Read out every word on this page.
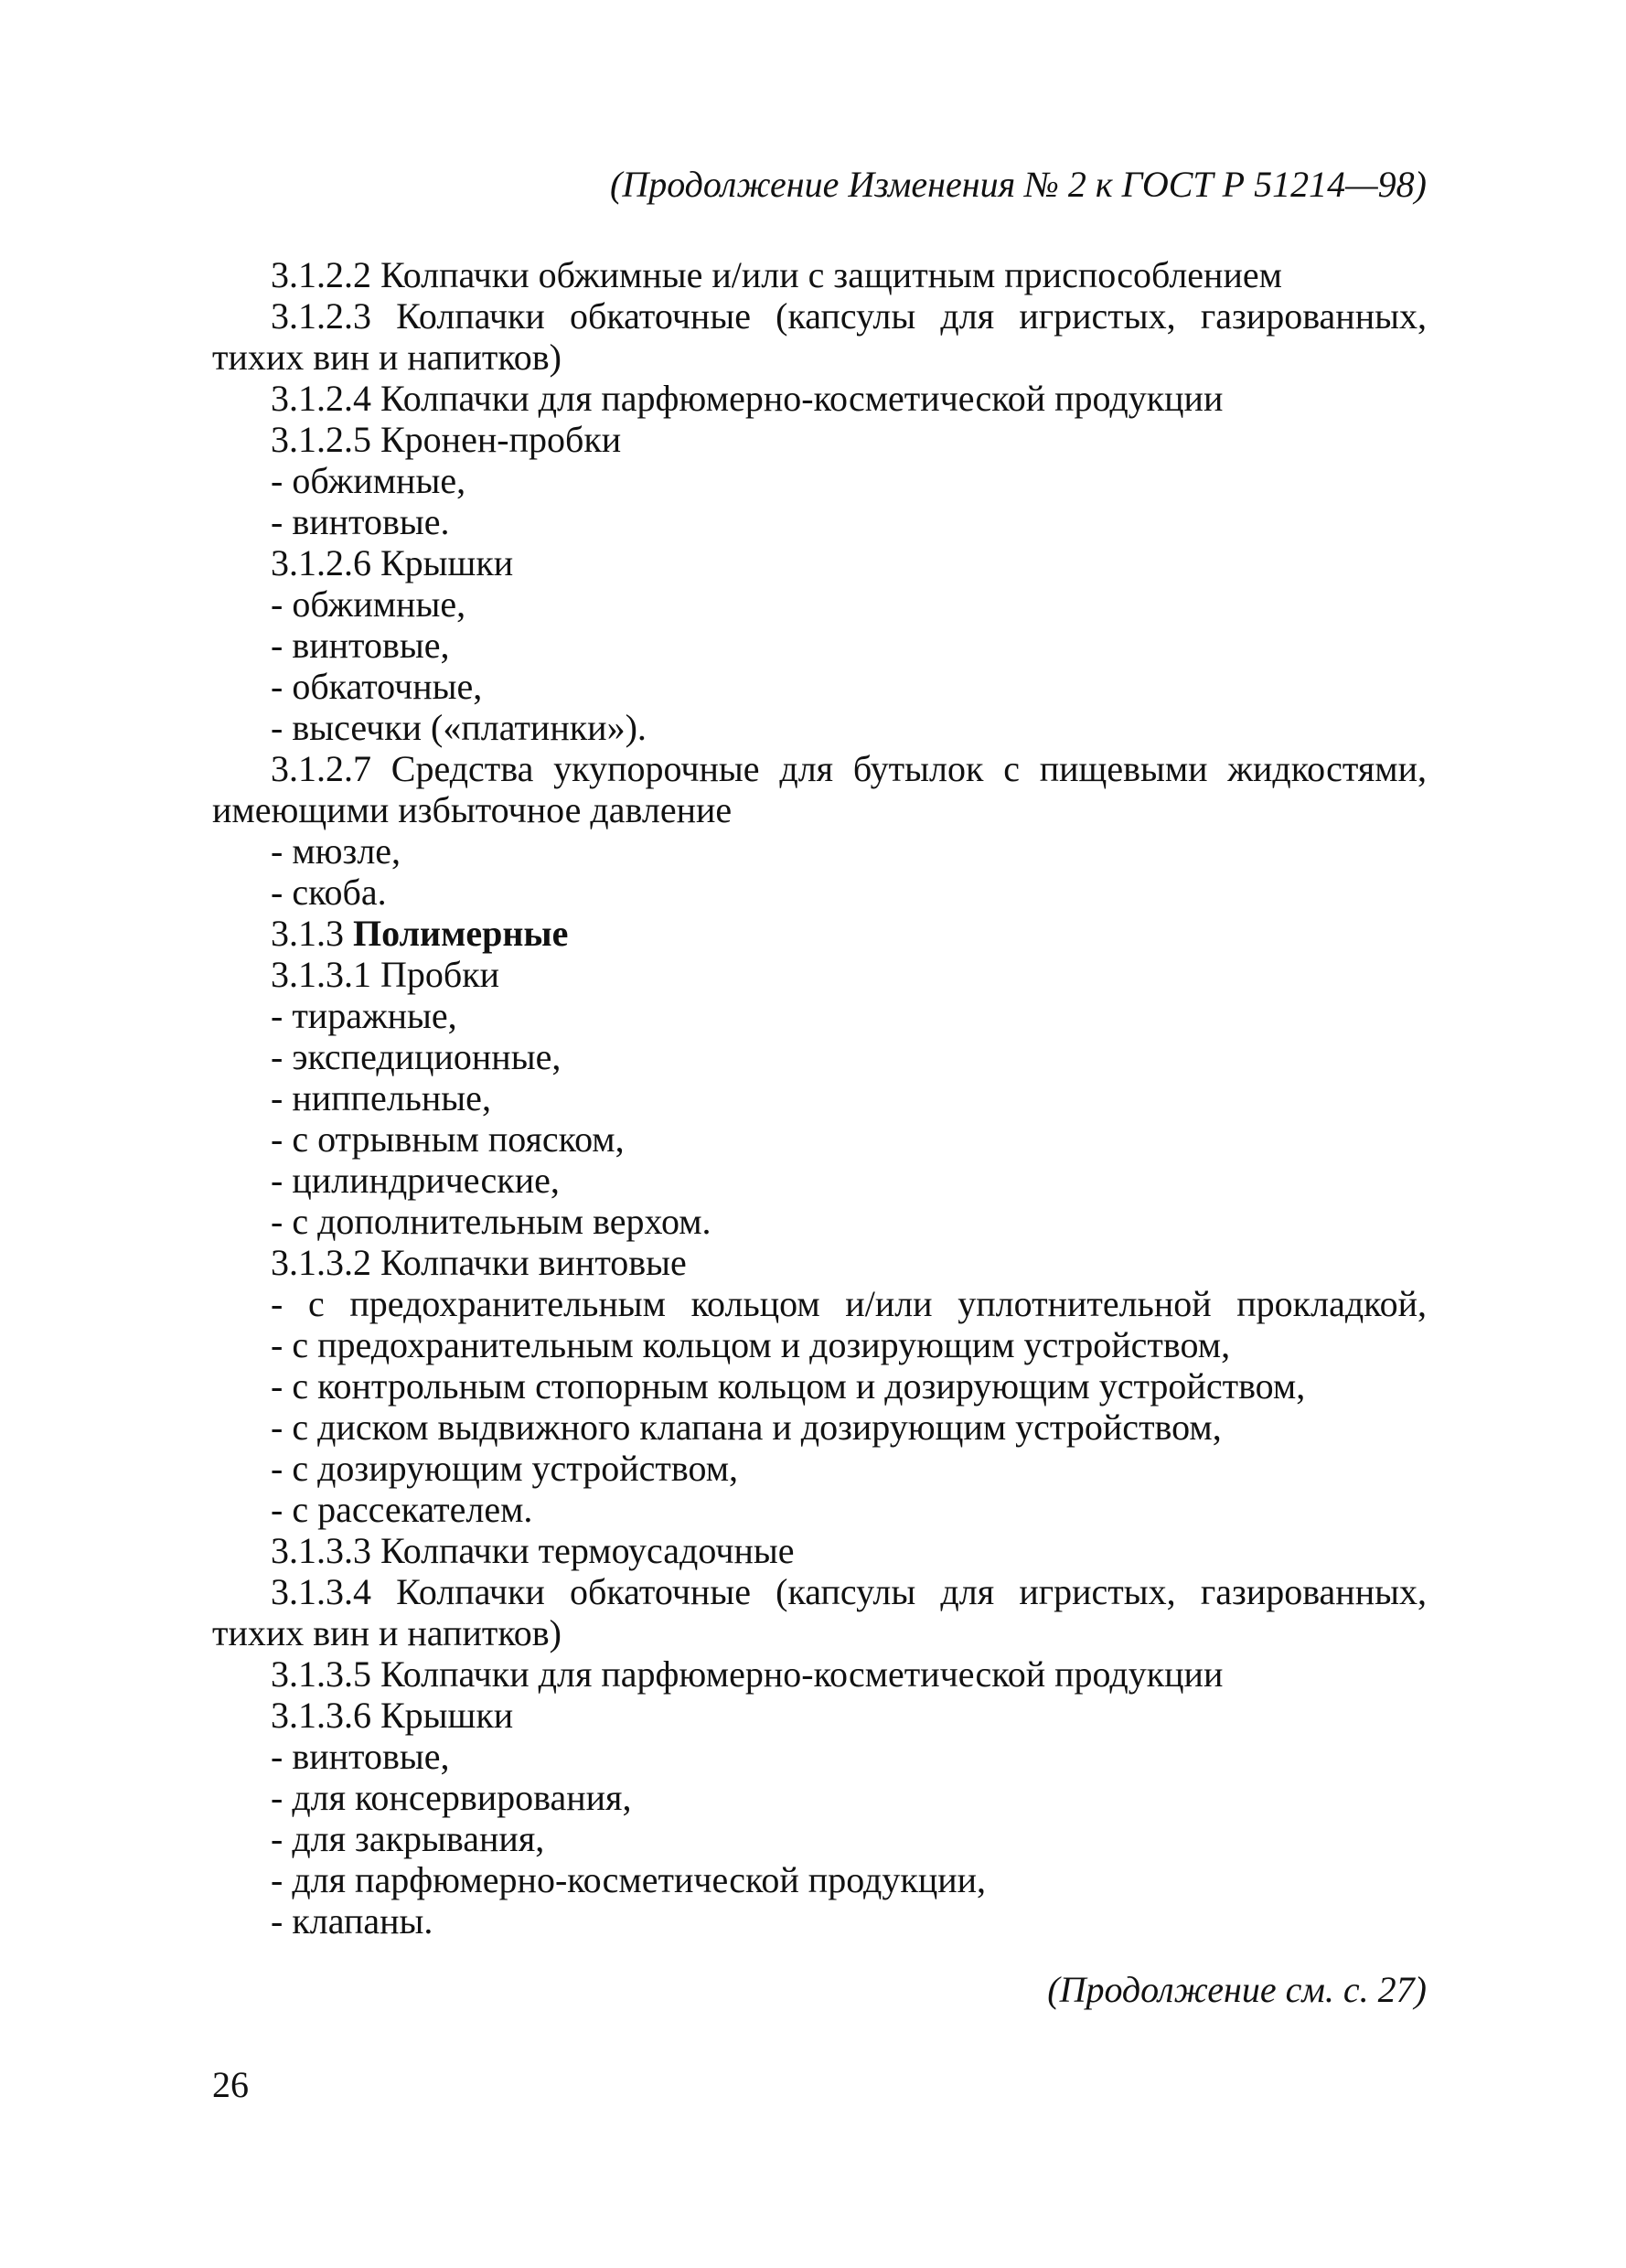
(Продолжение Изменения № 2 к ГОСТ Р 51214—98)
3.1.2.2 Колпачки обжимные и/или с защитным приспособлением
3.1.2.3 Колпачки обкаточные (капсулы для игристых, газированных,
тихих вин и напитков)
3.1.2.4 Колпачки для парфюмерно-косметической продукции
3.1.2.5 Кронен-пробки
- обжимные,
- винтовые.
3.1.2.6 Крышки
- обжимные,
- винтовые,
- обкаточные,
- высечки («платинки»).
3.1.2.7 Средства укупорочные для бутылок с пищевыми жидкостями,
имеющими избыточное давление
- мюзле,
- скоба.
3.1.3 Полимерные
3.1.3.1 Пробки
- тиражные,
- экспедиционные,
- ниппельные,
- с отрывным пояском,
- цилиндрические,
- с дополнительным верхом.
3.1.3.2 Колпачки винтовые
- с предохранительным кольцом и/или уплотнительной прокладкой,
- с предохранительным кольцом и дозирующим устройством,
- с контрольным стопорным кольцом и дозирующим устройством,
- с диском выдвижного клапана и дозирующим устройством,
- с дозирующим устройством,
- с рассекателем.
3.1.3.3 Колпачки термоусадочные
3.1.3.4 Колпачки обкаточные (капсулы для игристых, газированных,
тихих вин и напитков)
3.1.3.5 Колпачки для парфюмерно-косметической продукции
3.1.3.6 Крышки
- винтовые,
- для консервирования,
- для закрывания,
- для парфюмерно-косметической продукции,
- клапаны.
(Продолжение см. с. 27)
26
